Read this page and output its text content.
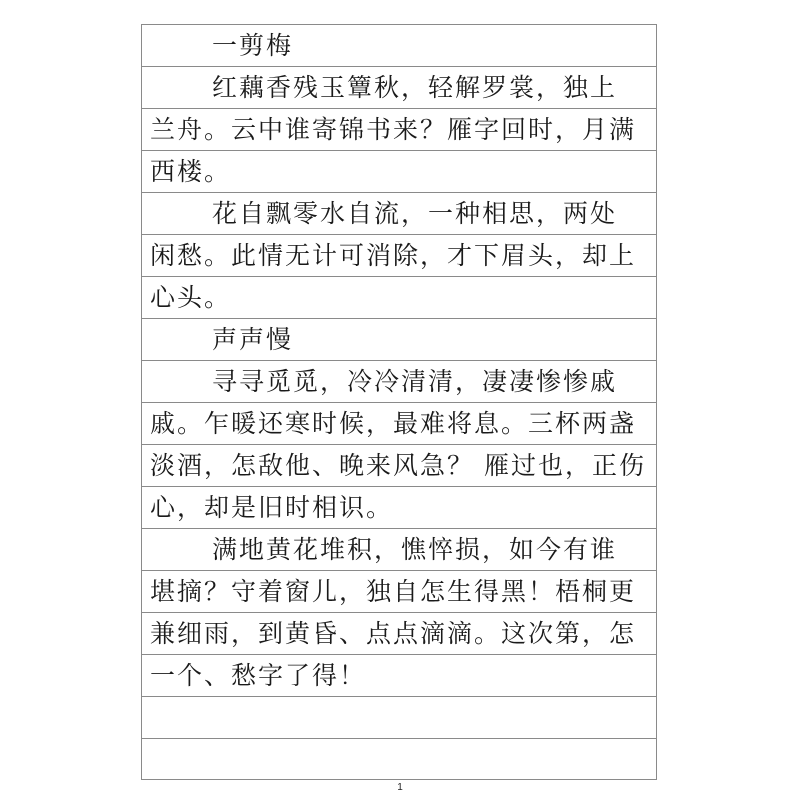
一剪梅
红藕香残玉簟秋，轻解罗裳，独上
兰舟。云中谁寄锦书来？雁字回时，月满
西楼。
花自飘零水自流，一种相思，两处
闲愁。此情无计可消除，才下眉头，却上
心头。
声声慢
寻寻觅觅，冷冷清清，凄凄惨惨戚
戚。乍暖还寒时候，最难将息。三杯两盏
淡酒，怎敌他、晚来风急？ 雁过也，正伤
心，却是旧时相识。
满地黄花堆积，憔悴损，如今有谁
堪摘？守着窗儿，独自怎生得黑！梧桐更
兼细雨，到黄昏、点点滴滴。这次第，怎
一个、愁字了得！
1
